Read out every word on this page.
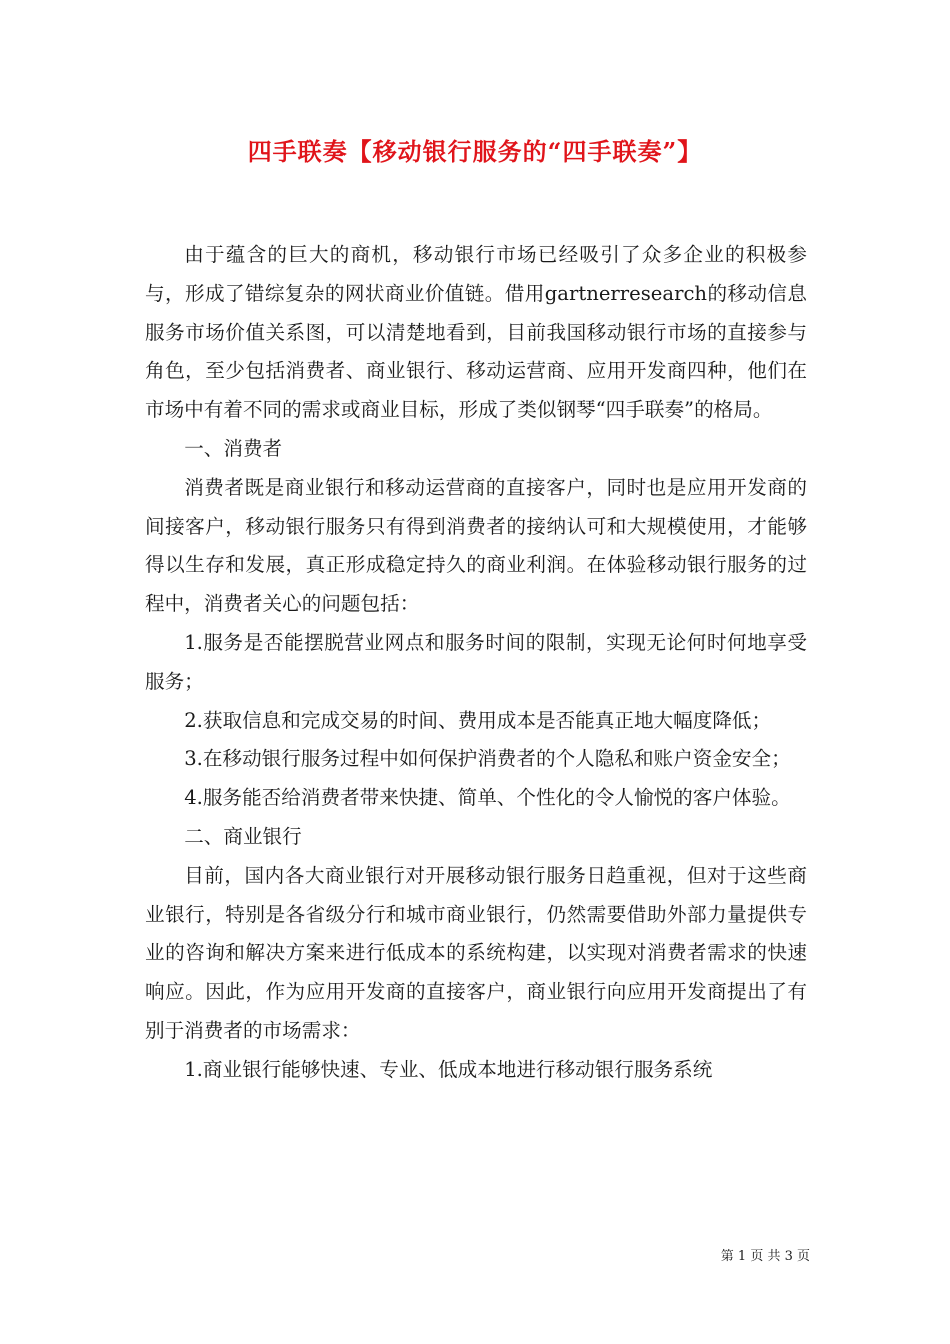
四手联奏【移动银行服务的“四手联奏”】

由于蕴含的巨大的商机，移动银行市场已经吸引了众多企业的积极参与，形成了错综复杂的网状商业价值链。借用gartnerresearch的移动信息服务市场价值关系图，可以清楚地看到，目前我国移动银行市场的直接参与角色，至少包括消费者、商业银行、移动运营商、应用开发商四种，他们在市场中有着不同的需求或商业目标，形成了类似钢琴“四手联奏”的格局。

一、消费者

消费者既是商业银行和移动运营商的直接客户，同时也是应用开发商的间接客户，移动银行服务只有得到消费者的接纳认可和大规模使用，才能够得以生存和发展，真正形成稳定持久的商业利润。在体验移动银行服务的过程中，消费者关心的问题包括：

1.服务是否能摆脱营业网点和服务时间的限制，实现无论何时何地享受服务；

2.获取信息和完成交易的时间、费用成本是否能真正地大幅度降低；

3.在移动银行服务过程中如何保护消费者的个人隐私和账户资金安全；

4.服务能否给消费者带来快捷、简单、个性化的令人愉悦的客户体验。

二、商业银行

目前，国内各大商业银行对开展移动银行服务日趋重视，但对于这些商业银行，特别是各省级分行和城市商业银行，仍然需要借助外部力量提供专业的咨询和解决方案来进行低成本的系统构建，以实现对消费者需求的快速响应。因此，作为应用开发商的直接客户，商业银行向应用开发商提出了有别于消费者的市场需求：

1.商业银行能够快速、专业、低成本地进行移动银行服务系统

第 1 页 共 3 页
